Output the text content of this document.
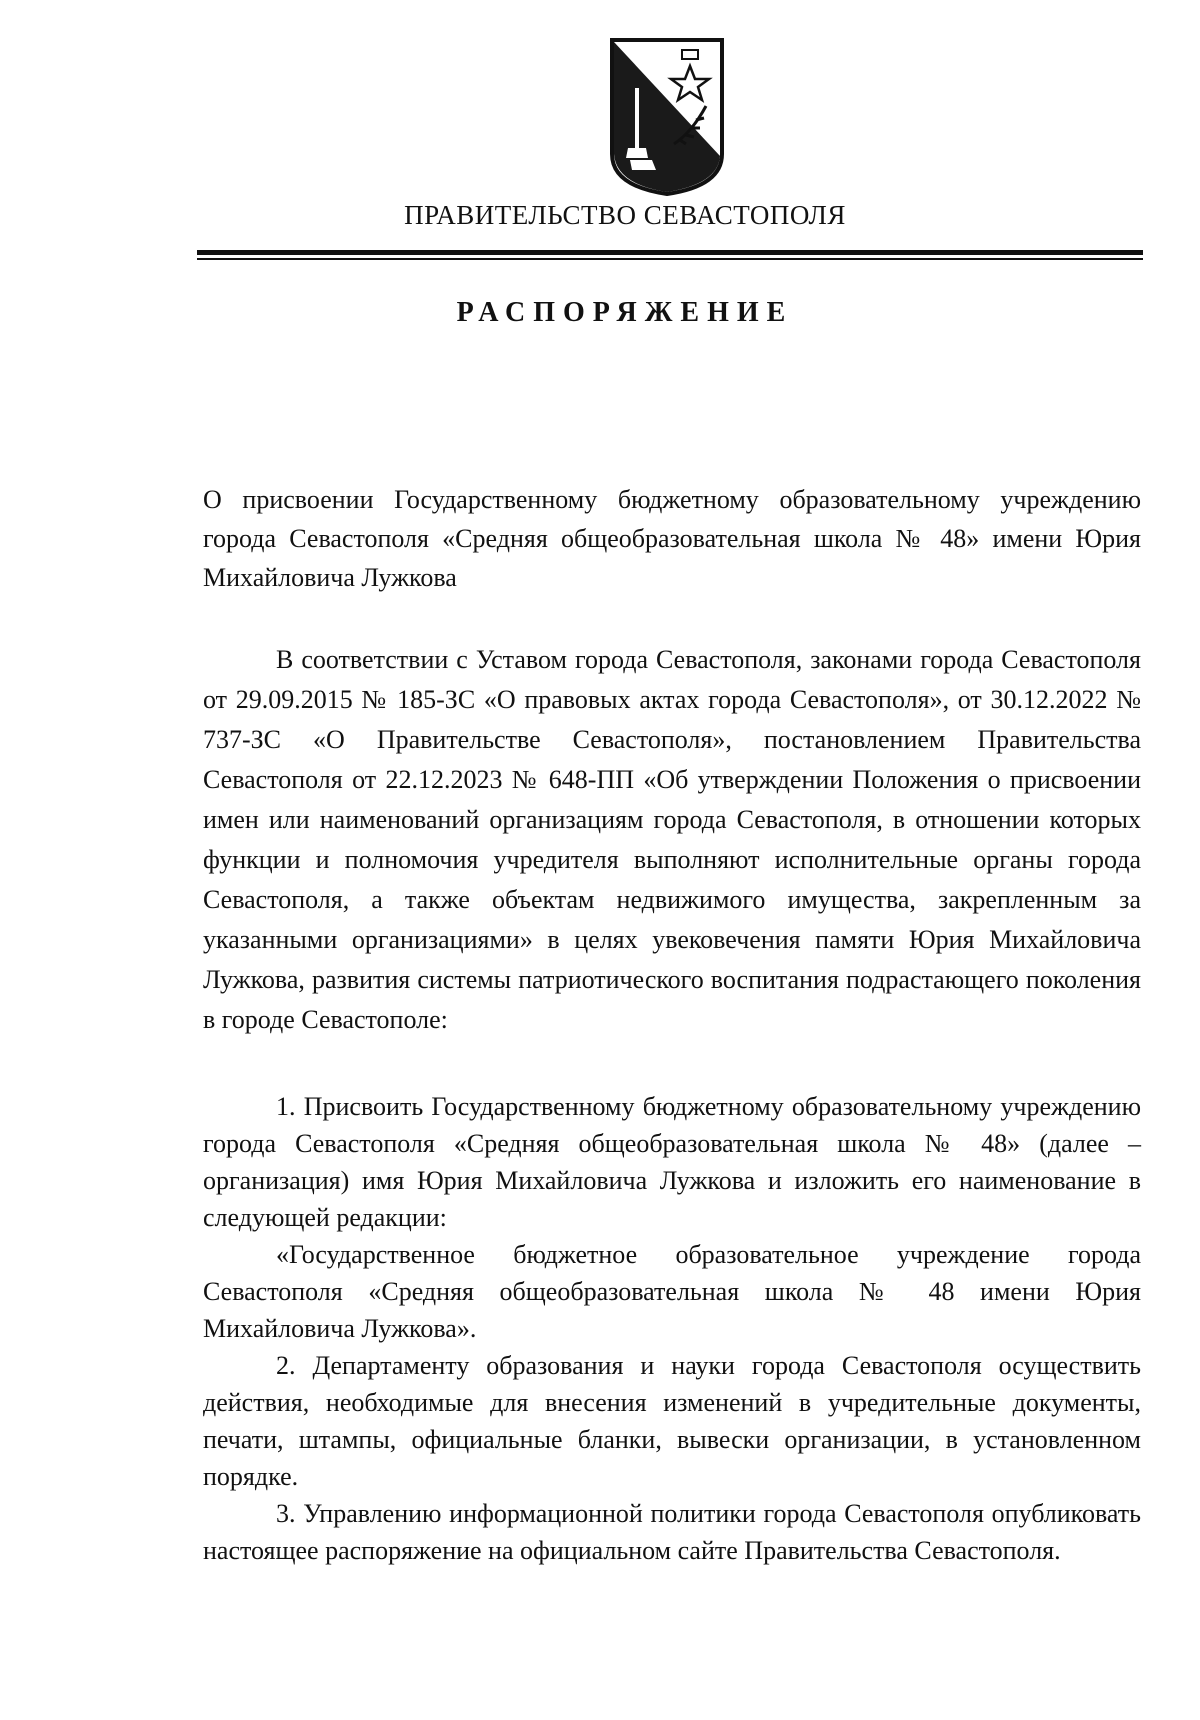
ПРАВИТЕЛЬСТВО СЕВАСТОПОЛЯ
РАСПОРЯЖЕНИЕ
О присвоении Государственному бюджетному образовательному учреждению города Севастополя «Средняя общеобразовательная школа № 48» имени Юрия Михайловича Лужкова

В соответствии с Уставом города Севастополя, законами города Севастополя от 29.09.2015 № 185-ЗС «О правовых актах города Севастополя», от 30.12.2022 № 737-ЗС «О Правительстве Севастополя», постановлением Правительства Севастополя от 22.12.2023 № 648-ПП «Об утверждении Положения о присвоении имен или наименований организациям города Севастополя, в отношении которых функции и полномочия учредителя выполняют исполнительные органы города Севастополя, а также объектам недвижимого имущества, закрепленным за указанными организациями» в целях увековечения памяти Юрия Михайловича Лужкова, развития системы патриотического воспитания подрастающего поколения в городе Севастополе:

1. Присвоить Государственному бюджетному образовательному учреждению города Севастополя «Средняя общеобразовательная школа № 48» (далее – организация) имя Юрия Михайловича Лужкова и изложить его наименование в следующей редакции:

«Государственное бюджетное образовательное учреждение города Севастополя «Средняя общеобразовательная школа № 48 имени Юрия Михайловича Лужкова».

2. Департаменту образования и науки города Севастополя осуществить действия, необходимые для внесения изменений в учредительные документы, печати, штампы, официальные бланки, вывески организации, в установленном порядке.

3. Управлению информационной политики города Севастополя опубликовать настоящее распоряжение на официальном сайте Правительства Севастополя.
